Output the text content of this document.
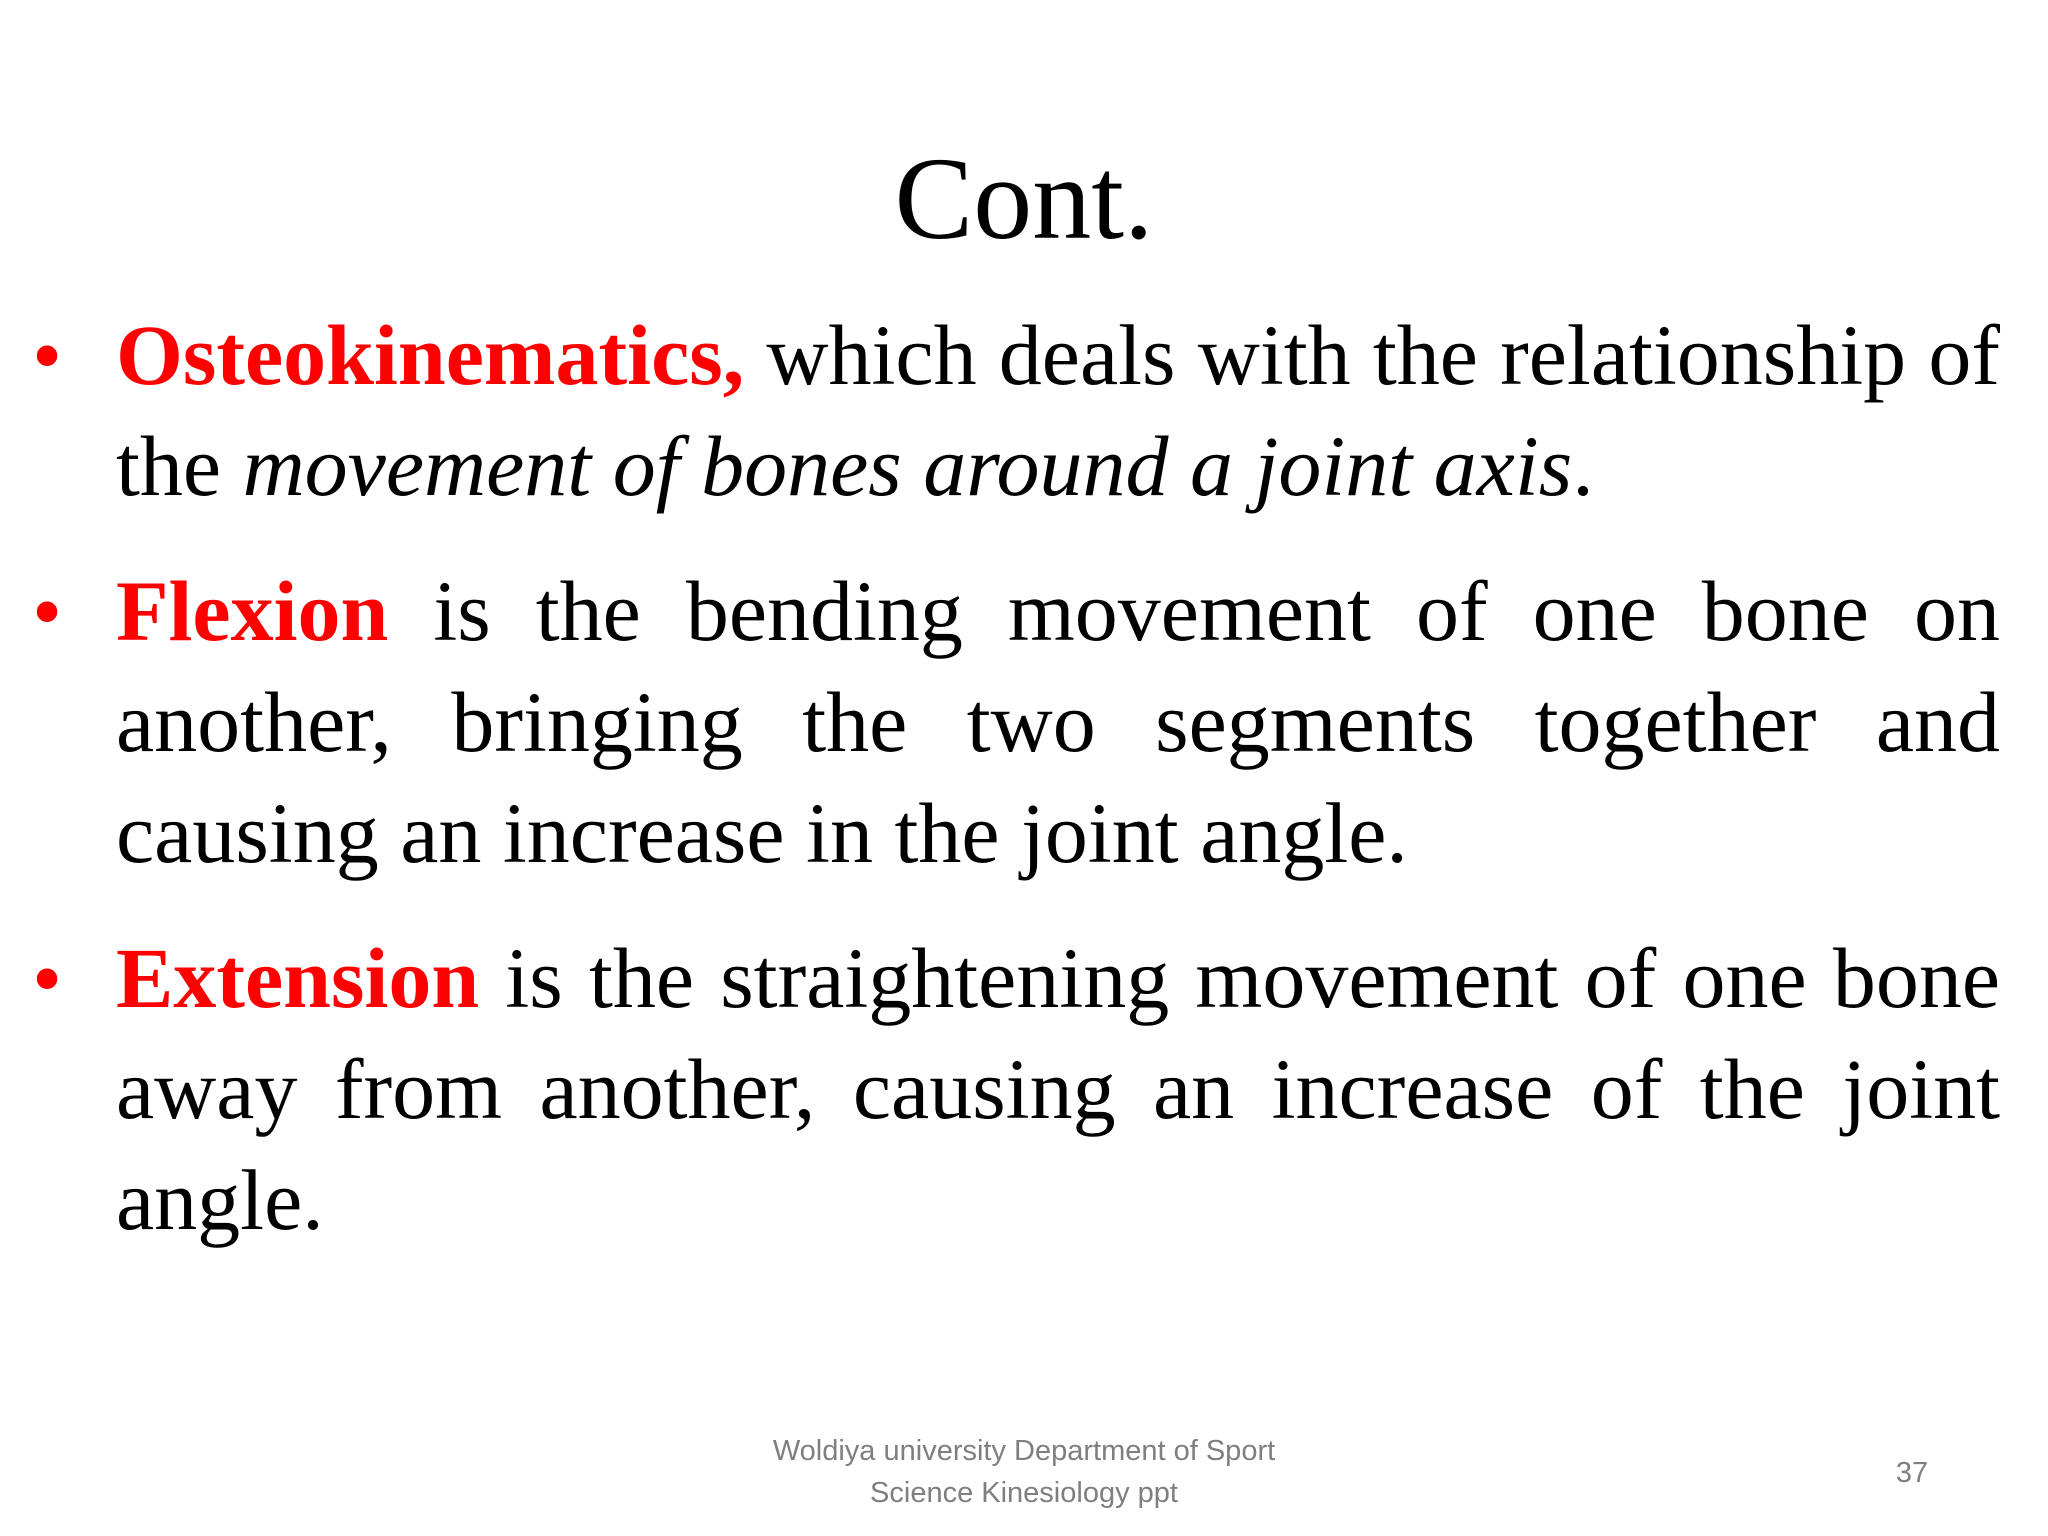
Cont.
• Osteokinematics, which deals with the relationship of the movement of bones around a joint axis.
• Flexion is the bending movement of one bone on another, bringing the two segments together and causing an increase in the joint angle.
• Extension is the straightening movement of one bone away from another, causing an increase of the joint angle.
Woldiya university Department of Sport
Science Kinesiology ppt
37
